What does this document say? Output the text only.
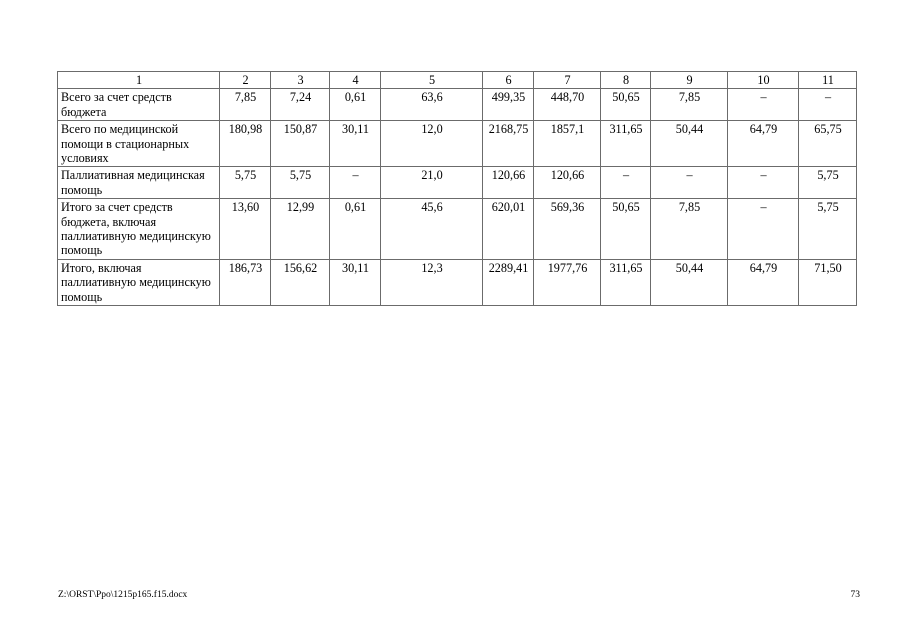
1	2	3	4	5	6	7	8	9	10	11
Всего за счет средств бюджета	7,85	7,24	0,61	63,6	499,35	448,70	50,65	7,85	–	–
Всего по медицинской помощи в стационарных условиях	180,98	150,87	30,11	12,0	2168,75	1857,1	311,65	50,44	64,79	65,75
Паллиативная медицинская помощь	5,75	5,75	–	21,0	120,66	120,66	–	–	–	5,75
Итого за счет средств бюджета, включая паллиативную медицинскую помощь	13,60	12,99	0,61	45,6	620,01	569,36	50,65	7,85	–	5,75
Итого, включая паллиативную медицинскую помощь	186,73	156,62	30,11	12,3	2289,41	1977,76	311,65	50,44	64,79	71,50
Z:\ORST\Ppo\1215p165.f15.docx	73
